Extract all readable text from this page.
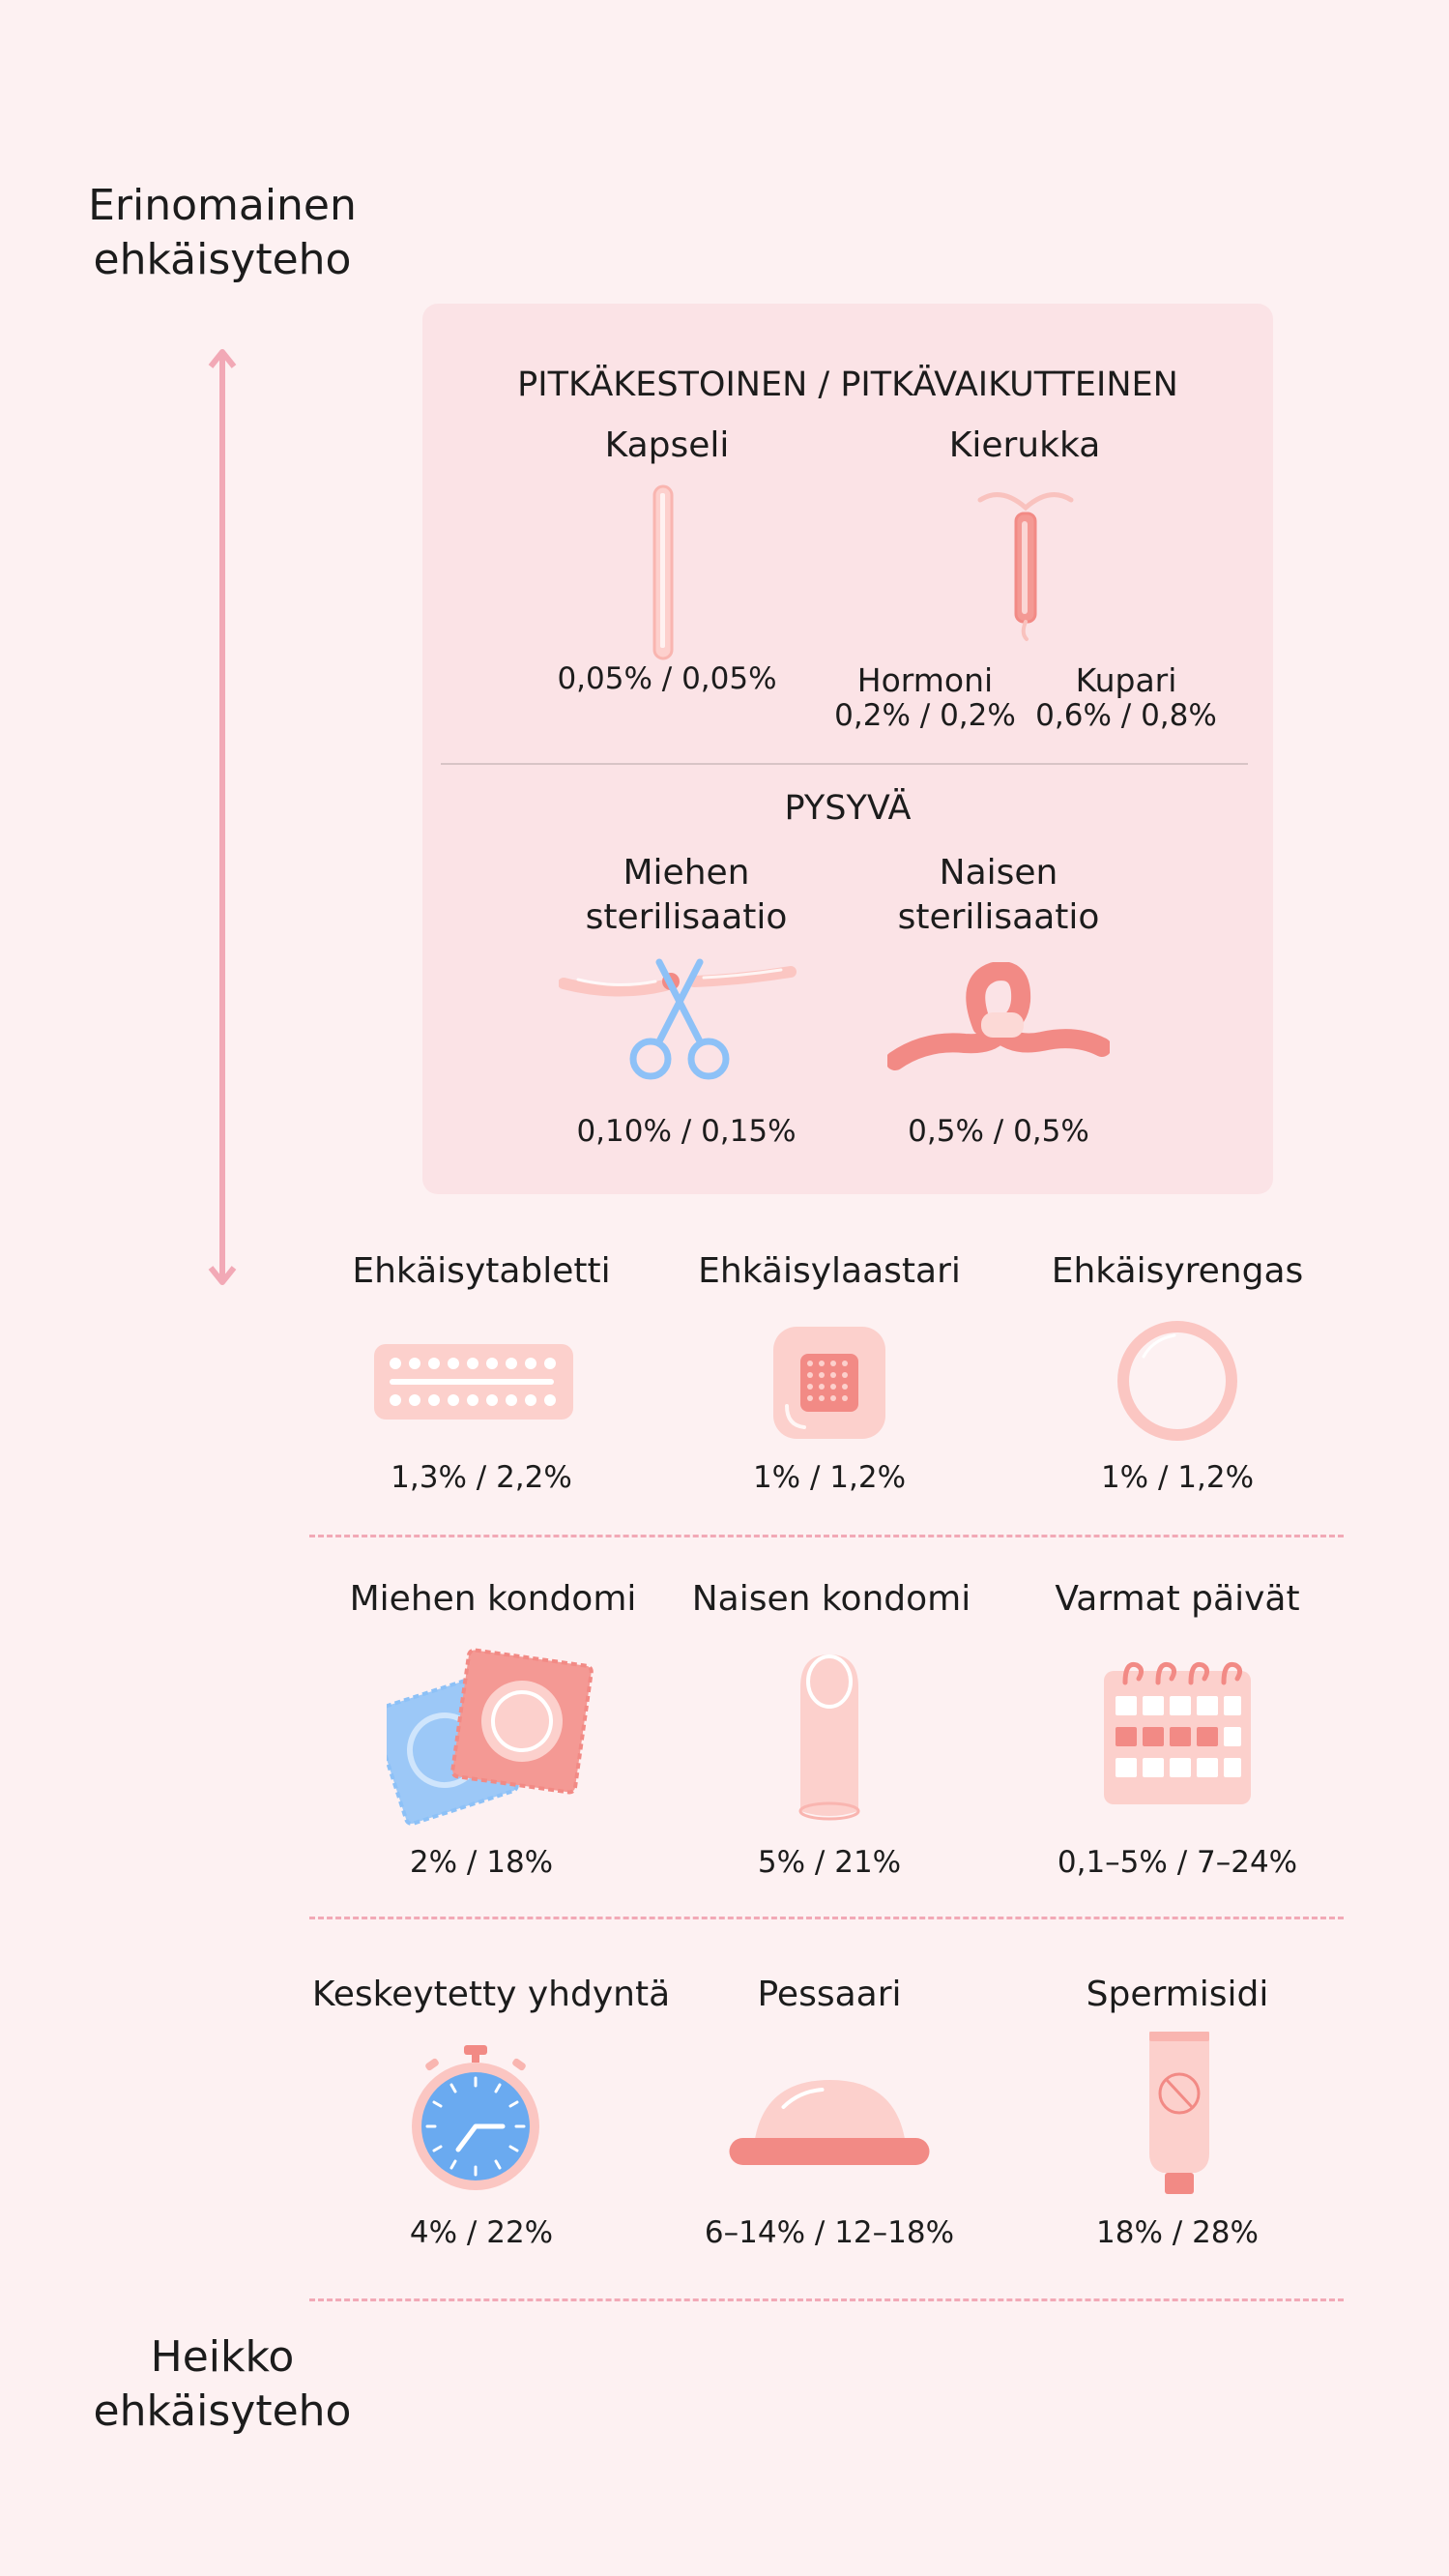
Erinomainen
ehkäisyteho
Heikko
ehkäisyteho
PITKÄKESTOINEN / PITKÄVAIKUTTEINEN
Kapseli
0,05% / 0,05%
Kierukka
Hormoni
0,2% / 0,2%
Kupari
0,6% / 0,8%
PYSYVÄ
Miehen
sterilisaatio
0,10% / 0,15%
Naisen
sterilisaatio
0,5% / 0,5%
Ehkäisytabletti
1,3% / 2,2%
Ehkäisylaastari
1% / 1,2%
Ehkäisyrengas
1% / 1,2%
Miehen kondomi
2% / 18%
Naisen kondomi
5% / 21%
Varmat päivät
0,1–5% / 7–24%
Keskeytetty yhdyntä
4% / 22%
Pessaari
6–14% / 12–18%
Spermisidi
18% / 28%
